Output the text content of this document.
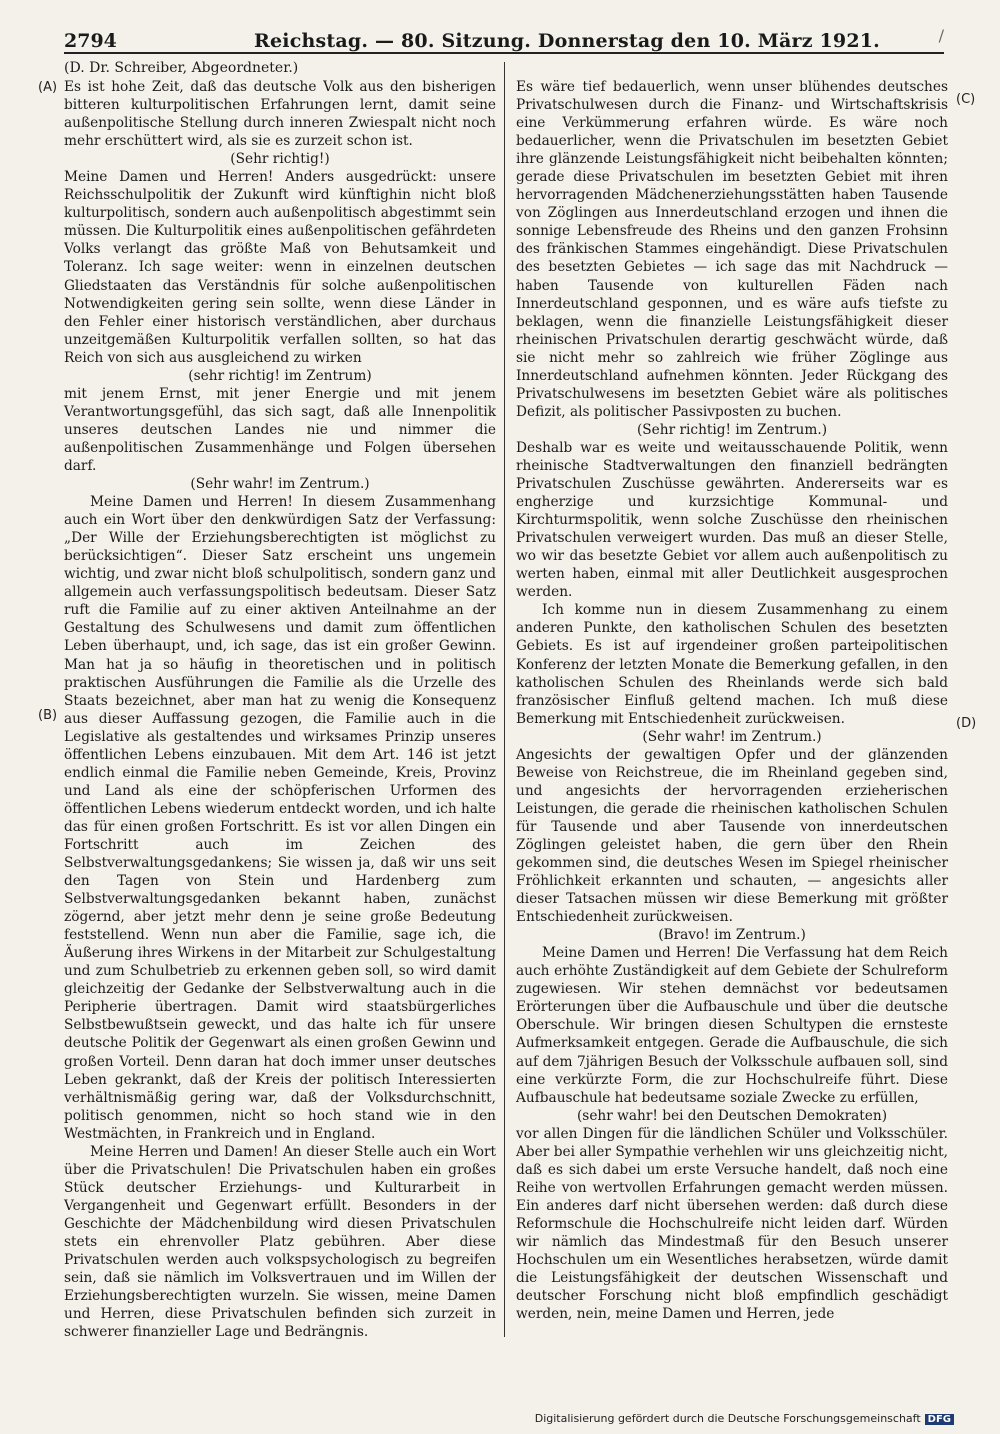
2794	Reichstag. — 80. Sitzung. Donnerstag den 10. März 1921.	/
(D. Dr. Schreiber, Abgeordneter.)
(A)
(B)
(C)
(D)

Es ist hohe Zeit, daß das deutsche Volk aus den bisherigen bitteren kulturpolitischen Erfahrungen lernt, damit seine außenpolitische Stellung durch inneren Zwiespalt nicht noch mehr erschüttert wird, als sie es zurzeit schon ist.

(Sehr richtig!)

Meine Damen und Herren! Anders ausgedrückt: unsere Reichsschulpolitik der Zukunft wird künftighin nicht bloß kulturpolitisch, sondern auch außenpolitisch abgestimmt sein müssen. Die Kulturpolitik eines außenpolitischen gefährdeten Volks verlangt das größte Maß von Behutsamkeit und Toleranz. Ich sage weiter: wenn in einzelnen deutschen Gliedstaaten das Verständnis für solche außenpolitischen Notwendigkeiten gering sein sollte, wenn diese Länder in den Fehler einer historisch verständlichen, aber durchaus unzeitgemäßen Kulturpolitik verfallen sollten, so hat das Reich von sich aus ausgleichend zu wirken

(sehr richtig! im Zentrum)

mit jenem Ernst, mit jener Energie und mit jenem Verantwortungsgefühl, das sich sagt, daß alle Innenpolitik unseres deutschen Landes nie und nimmer die außenpolitischen Zusammenhänge und Folgen übersehen darf.

(Sehr wahr! im Zentrum.)

Meine Damen und Herren! In diesem Zusammenhang auch ein Wort über den denkwürdigen Satz der Verfassung: „Der Wille der Erziehungsberechtigten ist möglichst zu berücksichtigen“. Dieser Satz erscheint uns ungemein wichtig, und zwar nicht bloß schulpolitisch, sondern ganz und allgemein auch verfassungspolitisch bedeutsam. Dieser Satz ruft die Familie auf zu einer aktiven Anteilnahme an der Gestaltung des Schulwesens und damit zum öffentlichen Leben überhaupt, und, ich sage, das ist ein großer Gewinn. Man hat ja so häufig in theoretischen und in politisch praktischen Ausführungen die Familie als die Urzelle des Staats bezeichnet, aber man hat zu wenig die Konsequenz aus dieser Auffassung gezogen, die Familie auch in die Legislative als gestaltendes und wirksames Prinzip unseres öffentlichen Lebens einzubauen. Mit dem Art. 146 ist jetzt endlich einmal die Familie neben Gemeinde, Kreis, Provinz und Land als eine der schöpferischen Urformen des öffentlichen Lebens wiederum entdeckt worden, und ich halte das für einen großen Fortschritt. Es ist vor allen Dingen ein Fortschritt auch im Zeichen des Selbstverwaltungsgedankens; Sie wissen ja, daß wir uns seit den Tagen von Stein und Hardenberg zum Selbstverwaltungsgedanken bekannt haben, zunächst zögernd, aber jetzt mehr denn je seine große Bedeutung feststellend. Wenn nun aber die Familie, sage ich, die Äußerung ihres Wirkens in der Mitarbeit zur Schulgestaltung und zum Schulbetrieb zu erkennen geben soll, so wird damit gleichzeitig der Gedanke der Selbstverwaltung auch in die Peripherie übertragen. Damit wird staatsbürgerliches Selbstbewußtsein geweckt, und das halte ich für unsere deutsche Politik der Gegenwart als einen großen Gewinn und großen Vorteil. Denn daran hat doch immer unser deutsches Leben gekrankt, daß der Kreis der politisch Interessierten verhältnismäßig gering war, daß der Volksdurchschnitt, politisch genommen, nicht so hoch stand wie in den Westmächten, in Frankreich und in England.

Meine Herren und Damen! An dieser Stelle auch ein Wort über die Privatschulen! Die Privatschulen haben ein großes Stück deutscher Erziehungs- und Kulturarbeit in Vergangenheit und Gegenwart erfüllt. Besonders in der Geschichte der Mädchenbildung wird diesen Privatschulen stets ein ehrenvoller Platz gebühren. Aber diese Privatschulen werden auch volkspsychologisch zu begreifen sein, daß sie nämlich im Volksvertrauen und im Willen der Erziehungsberechtigten wurzeln. Sie wissen, meine Damen und Herren, diese Privatschulen befinden sich zurzeit in schwerer finanzieller Lage und Bedrängnis.

Es wäre tief bedauerlich, wenn unser blühendes deutsches Privatschulwesen durch die Finanz- und Wirtschaftskrisis eine Verkümmerung erfahren würde. Es wäre noch bedauerlicher, wenn die Privatschulen im besetzten Gebiet ihre glänzende Leistungsfähigkeit nicht beibehalten könnten; gerade diese Privatschulen im besetzten Gebiet mit ihren hervorragenden Mädchenerziehungsstätten haben Tausende von Zöglingen aus Innerdeutschland erzogen und ihnen die sonnige Lebensfreude des Rheins und den ganzen Frohsinn des fränkischen Stammes eingehändigt. Diese Privatschulen des besetzten Gebietes — ich sage das mit Nachdruck — haben Tausende von kulturellen Fäden nach Innerdeutschland gesponnen, und es wäre aufs tiefste zu beklagen, wenn die finanzielle Leistungsfähigkeit dieser rheinischen Privatschulen derartig geschwächt würde, daß sie nicht mehr so zahlreich wie früher Zöglinge aus Innerdeutschland aufnehmen könnten. Jeder Rückgang des Privatschulwesens im besetzten Gebiet wäre als politisches Defizit, als politischer Passivposten zu buchen.

(Sehr richtig! im Zentrum.)

Deshalb war es weite und weitausschauende Politik, wenn rheinische Stadtverwaltungen den finanziell bedrängten Privatschulen Zuschüsse gewährten. Andererseits war es engherzige und kurzsichtige Kommunal- und Kirchturmspolitik, wenn solche Zuschüsse den rheinischen Privatschulen verweigert wurden. Das muß an dieser Stelle, wo wir das besetzte Gebiet vor allem auch außenpolitisch zu werten haben, einmal mit aller Deutlichkeit ausgesprochen werden.

Ich komme nun in diesem Zusammenhang zu einem anderen Punkte, den katholischen Schulen des besetzten Gebiets. Es ist auf irgendeiner großen parteipolitischen Konferenz der letzten Monate die Bemerkung gefallen, in den katholischen Schulen des Rheinlands werde sich bald französischer Einfluß geltend machen. Ich muß diese Bemerkung mit Entschiedenheit zurückweisen.

(Sehr wahr! im Zentrum.)

Angesichts der gewaltigen Opfer und der glänzenden Beweise von Reichstreue, die im Rheinland gegeben sind, und angesichts der hervorragenden erzieherischen Leistungen, die gerade die rheinischen katholischen Schulen für Tausende und aber Tausende von innerdeutschen Zöglingen geleistet haben, die gern über den Rhein gekommen sind, die deutsches Wesen im Spiegel rheinischer Fröhlichkeit erkannten und schauten, — angesichts aller dieser Tatsachen müssen wir diese Bemerkung mit größter Entschiedenheit zurückweisen.

(Bravo! im Zentrum.)

Meine Damen und Herren! Die Verfassung hat dem Reich auch erhöhte Zuständigkeit auf dem Gebiete der Schulreform zugewiesen. Wir stehen demnächst vor bedeutsamen Erörterungen über die Aufbauschule und über die deutsche Oberschule. Wir bringen diesen Schultypen die ernsteste Aufmerksamkeit entgegen. Gerade die Aufbauschule, die sich auf dem 7jährigen Besuch der Volksschule aufbauen soll, sind eine verkürzte Form, die zur Hochschulreife führt. Diese Aufbauschule hat bedeutsame soziale Zwecke zu erfüllen,

(sehr wahr! bei den Deutschen Demokraten)

vor allen Dingen für die ländlichen Schüler und Volksschüler. Aber bei aller Sympathie verhehlen wir uns gleichzeitig nicht, daß es sich dabei um erste Versuche handelt, daß noch eine Reihe von wertvollen Erfahrungen gemacht werden müssen. Ein anderes darf nicht übersehen werden: daß durch diese Reformschule die Hochschulreife nicht leiden darf. Würden wir nämlich das Mindestmaß für den Besuch unserer Hochschulen um ein Wesentliches herabsetzen, würde damit die Leistungsfähigkeit der deutschen Wissenschaft und deutscher Forschung nicht bloß empfindlich geschädigt werden, nein, meine Damen und Herren, jede

Digitalisierung gefördert durch die Deutsche Forschungsgemeinschaft DFG
